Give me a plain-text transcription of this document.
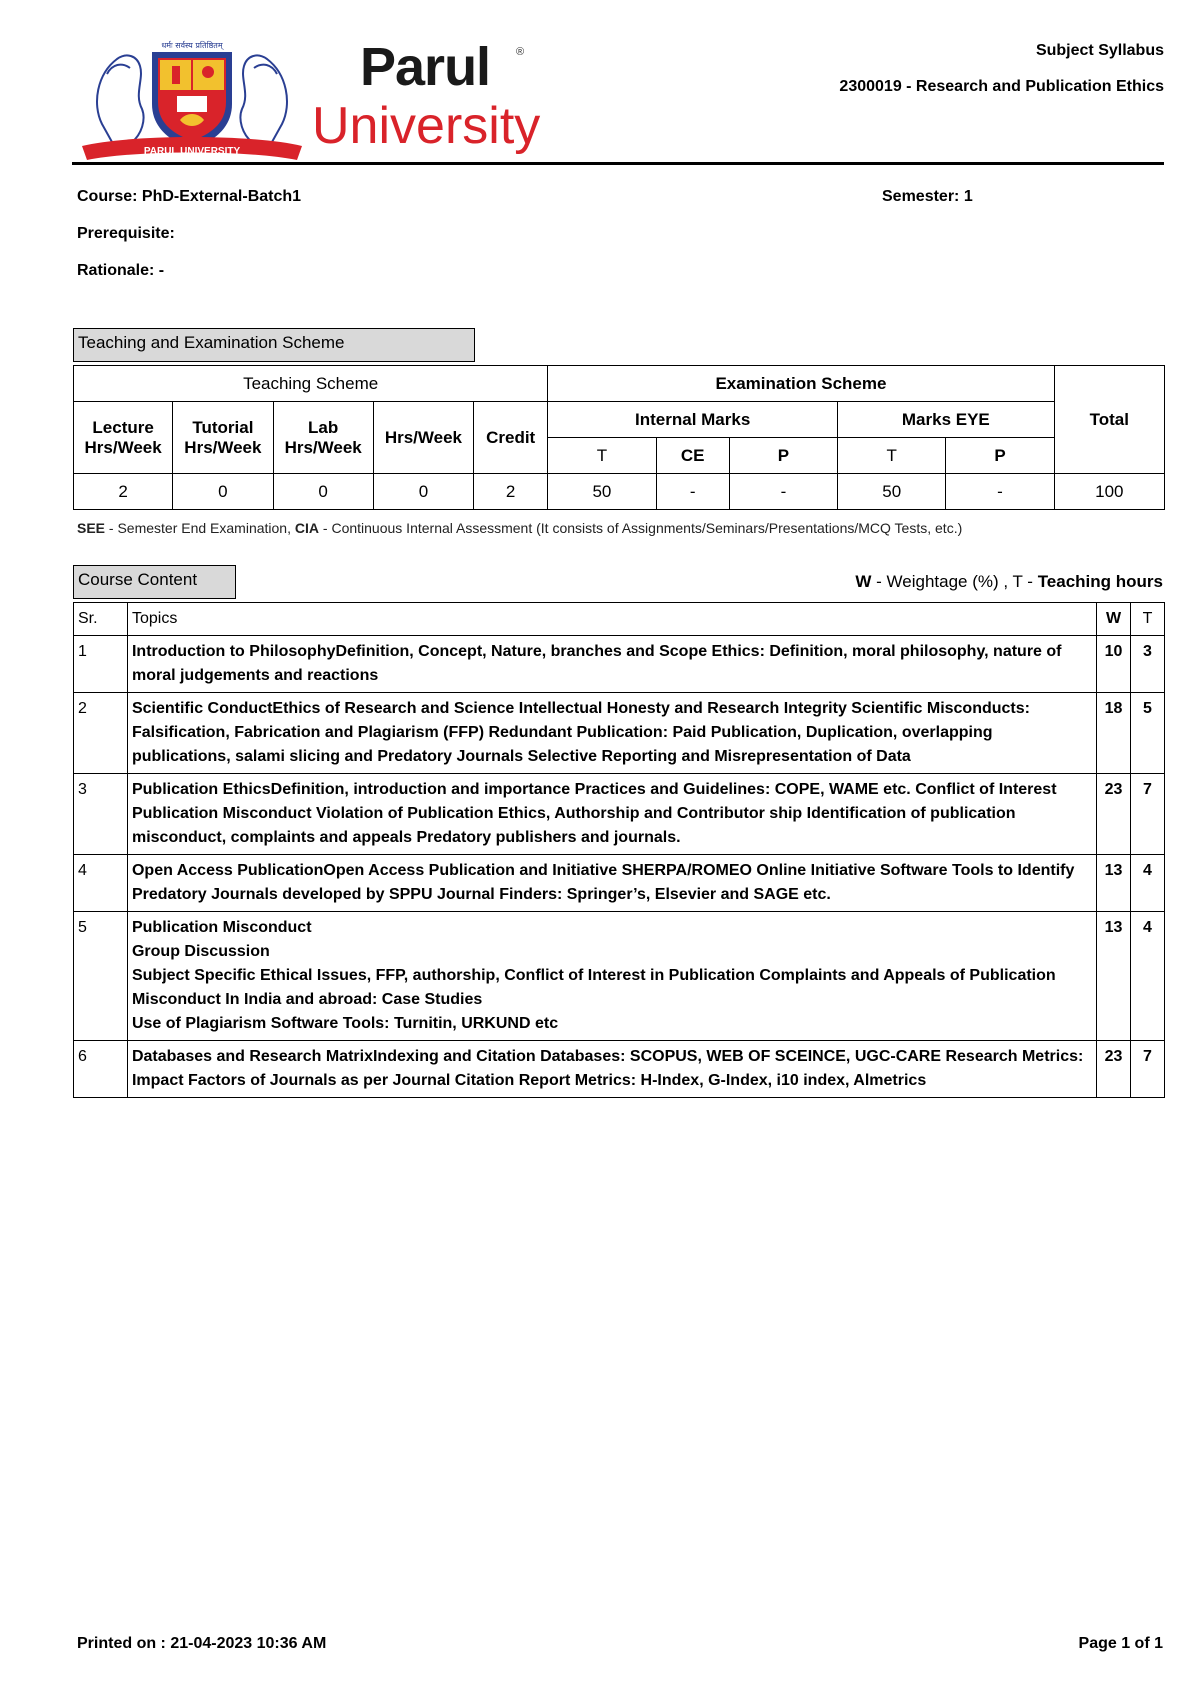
धर्मः सर्वस्य प्रतिष्ठितम्
PARUL UNIVERSITY
Parul ®
University
Subject Syllabus
2300019 - Research and Publication Ethics
Course: PhD-External-Batch1	Semester: 1
Prerequisite:
Rationale: -
Teaching and Examination Scheme
Teaching Scheme					Examination Scheme					Total
Lecture Hrs/Week	Tutorial Hrs/Week	Lab Hrs/Week	Hrs/Week	Credit	Internal Marks			Marks EYE		
					T	CE	P	T	P	
2	0	0	0	2	50	-	-	50	-	100
SEE - Semester End Examination, CIA - Continuous Internal Assessment (It consists of Assignments/Seminars/Presentations/MCQ Tests, etc.)
Course Content	W - Weightage (%) , T - Teaching hours
Sr.	Topics	W	T
1	Introduction to PhilosophyDefinition, Concept, Nature, branches and Scope Ethics: Definition, moral philosophy, nature of moral judgements and reactions	10	3
2	Scientific ConductEthics of Research and Science Intellectual Honesty and Research Integrity Scientific Misconducts: Falsification, Fabrication and Plagiarism (FFP) Redundant Publication: Paid Publication, Duplication, overlapping publications, salami slicing and Predatory Journals Selective Reporting and Misrepresentation of Data	18	5
3	Publication EthicsDefinition, introduction and importance Practices and Guidelines: COPE, WAME etc. Conflict of Interest Publication Misconduct Violation of Publication Ethics, Authorship and Contributor ship Identification of publication misconduct, complaints and appeals Predatory publishers and journals.	23	7
4	Open Access PublicationOpen Access Publication and Initiative SHERPA/ROMEO Online Initiative Software Tools to Identify Predatory Journals developed by SPPU Journal Finders: Springer’s, Elsevier and SAGE etc.	13	4
5	Publication Misconduct
Group Discussion
Subject Specific Ethical Issues, FFP, authorship, Conflict of Interest in Publication Complaints and Appeals of Publication Misconduct In India and abroad: Case Studies
Use of Plagiarism Software Tools: Turnitin, URKUND etc	13	4
6	Databases and Research MatrixIndexing and Citation Databases: SCOPUS, WEB OF SCEINCE, UGC-CARE Research Metrics: Impact Factors of Journals as per Journal Citation Report Metrics: H-Index, G-Index, i10 index, Almetrics	23	7
Printed on : 21-04-2023 10:36 AM	Page 1 of 1
